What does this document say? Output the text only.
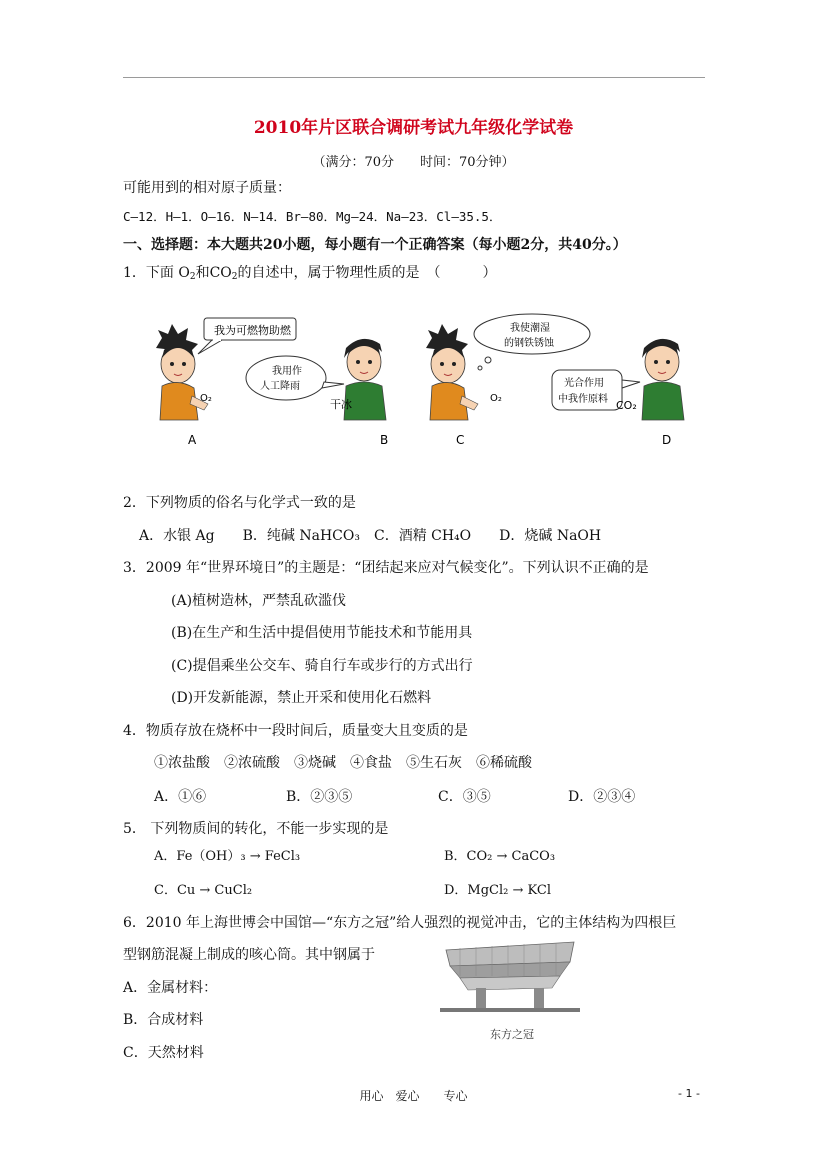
2010年片区联合调研考试九年级化学试卷
（满分：70分　　时间：70分钟）
可能用到的相对原子质量：
C—12．H—1．O—16．N—14．Br—80．Mg—24．Na—23．Cl—35.5．
一、选择题：本大题共20小题，每小题有一个正确答案（每小题2分，共40分。）
1．下面 $O_2$和$CO_2$的自述中，属于物理性质的是　（　　　）
O₂
我为可燃物助燃
我用作
人工降雨
干冰	O₂
我使潮湿
的钢铁锈蚀
光合作用
中我作原料 CO₂
A	B	C	D
2．下列物质的俗名与化学式一致的是
A．水银 Ag　　B．纯碱 NaHCO₃　C．酒精 CH₄O　　D．烧碱 NaOH
3．2009 年“世界环境日”的主题是：“团结起来应对气候变化”。下列认识不正确的是
(A)植树造林，严禁乱砍滥伐
(B)在生产和生活中提倡使用节能技术和节能用具
(C)提倡乘坐公交车、骑自行车或步行的方式出行
(D)开发新能源，禁止开采和使用化石燃料
4．物质存放在烧杯中一段时间后，质量变大且变质的是
①浓盐酸　②浓硫酸　③烧碱　④食盐　⑤生石灰　⑥稀硫酸
A．①⑥	B．②③⑤	C．③⑤	D．②③④
5． 下列物质间的转化，不能一步实现的是
A．Fe（OH）₃ → FeCl₃	B．CO₂ → CaCO₃
C．Cu → CuCl₂	D．MgCl₂ → KCl
6．2010 年上海世博会中国馆—“东方之冠”给人强烈的视觉冲击，它的主体结构为四根巨
型钢筋混凝上制成的咳心筒。其中钢属于
A．金属材料：
B．合成材料
C．天然材料
东方之冠
用心　爱心　　专心	- 1 -
